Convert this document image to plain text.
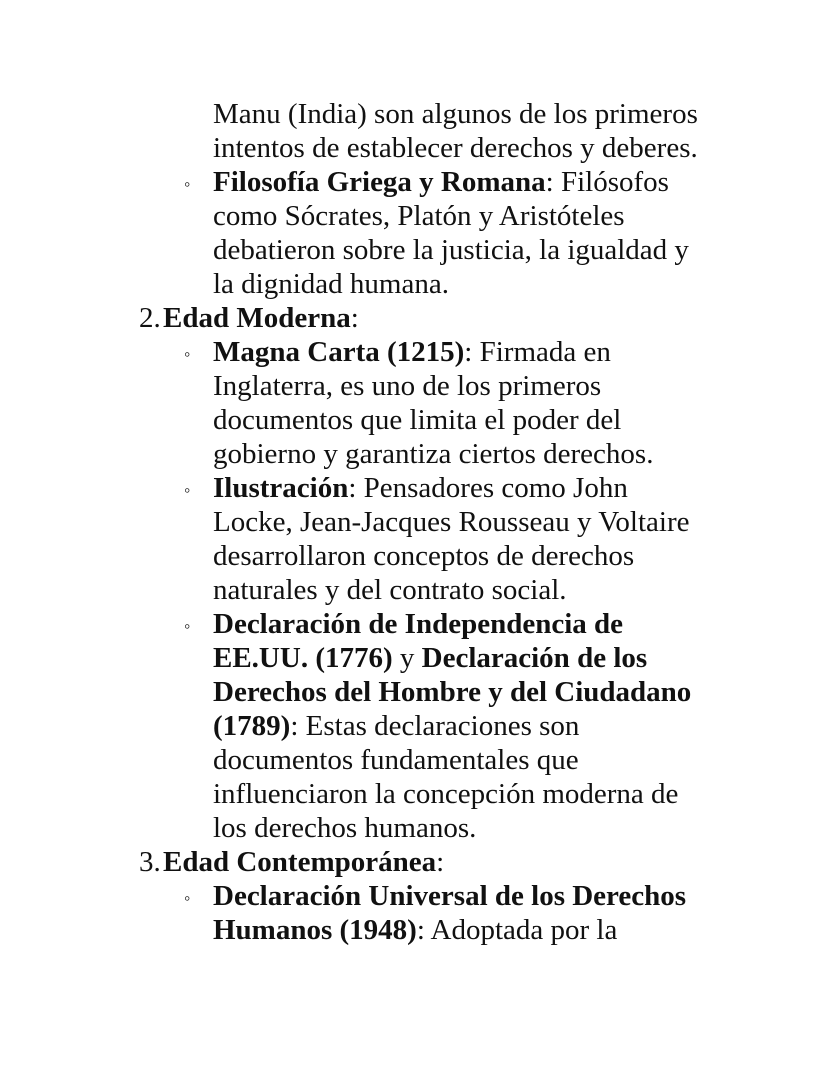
Manu (India) son algunos de los primeros intentos de establecer derechos y deberes.
◦ Filosofía Griega y Romana: Filósofos como Sócrates, Platón y Aristóteles debatieron sobre la justicia, la igualdad y la dignidad humana.
2. Edad Moderna:
◦ Magna Carta (1215): Firmada en Inglaterra, es uno de los primeros documentos que limita el poder del gobierno y garantiza ciertos derechos.
◦ Ilustración: Pensadores como John Locke, Jean-Jacques Rousseau y Voltaire desarrollaron conceptos de derechos naturales y del contrato social.
◦ Declaración de Independencia de EE.UU. (1776) y Declaración de los Derechos del Hombre y del Ciudadano (1789): Estas declaraciones son documentos fundamentales que influenciaron la concepción moderna de los derechos humanos.
3. Edad Contemporánea:
◦ Declaración Universal de los Derechos Humanos (1948): Adoptada por la
